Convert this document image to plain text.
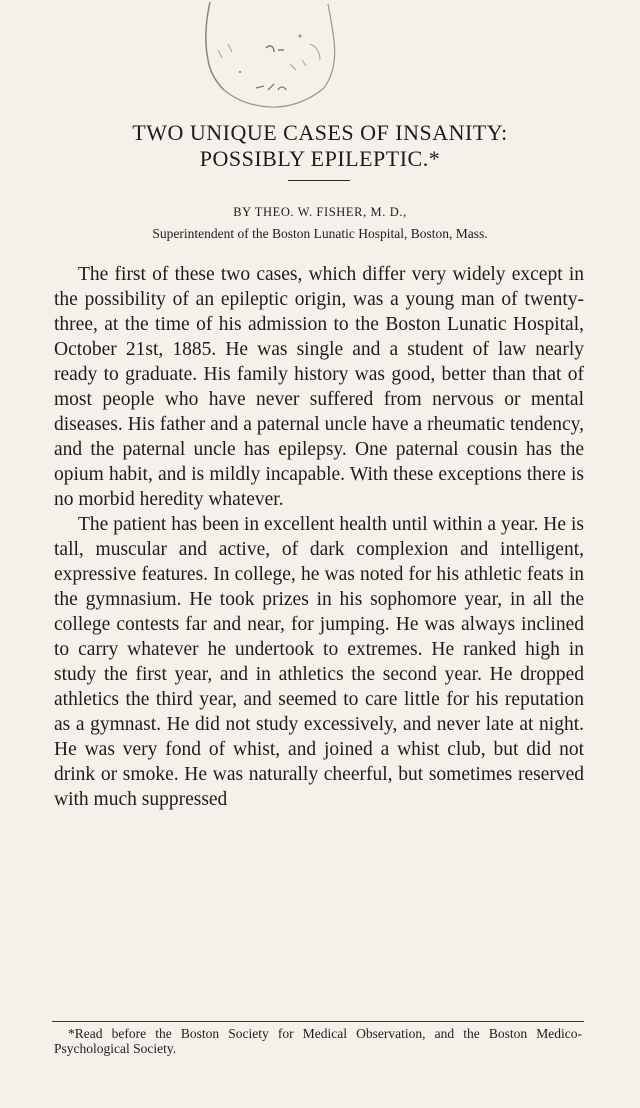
TWO UNIQUE CASES OF INSANITY:
POSSIBLY EPILEPTIC.*
BY THEO. W. FISHER, M. D.,
Superintendent of the Boston Lunatic Hospital, Boston, Mass.

The first of these two cases, which differ very widely except in the possibility of an epileptic origin, was a young man of twenty-three, at the time of his admission to the Boston Lunatic Hospital, October 21st, 1885. He was single and a student of law nearly ready to graduate. His family history was good, better than that of most people who have never suffered from nervous or mental diseases. His father and a paternal uncle have a rheumatic tendency, and the paternal uncle has epilepsy. One paternal cousin has the opium habit, and is mildly incapable. With these exceptions there is no morbid heredity whatever.

The patient has been in excellent health until within a year. He is tall, muscular and active, of dark complexion and intelligent, expressive features. In college, he was noted for his athletic feats in the gymnasium. He took prizes in his sophomore year, in all the college contests far and near, for jumping. He was always inclined to carry whatever he undertook to extremes. He ranked high in study the first year, and in athletics the second year. He dropped athletics the third year, and seemed to care little for his reputation as a gymnast. He did not study excessively, and never late at night. He was very fond of whist, and joined a whist club, but did not drink or smoke. He was naturally cheerful, but sometimes reserved with much suppressed

*Read before the Boston Society for Medical Observation, and the Boston Medico-Psychological Society.
